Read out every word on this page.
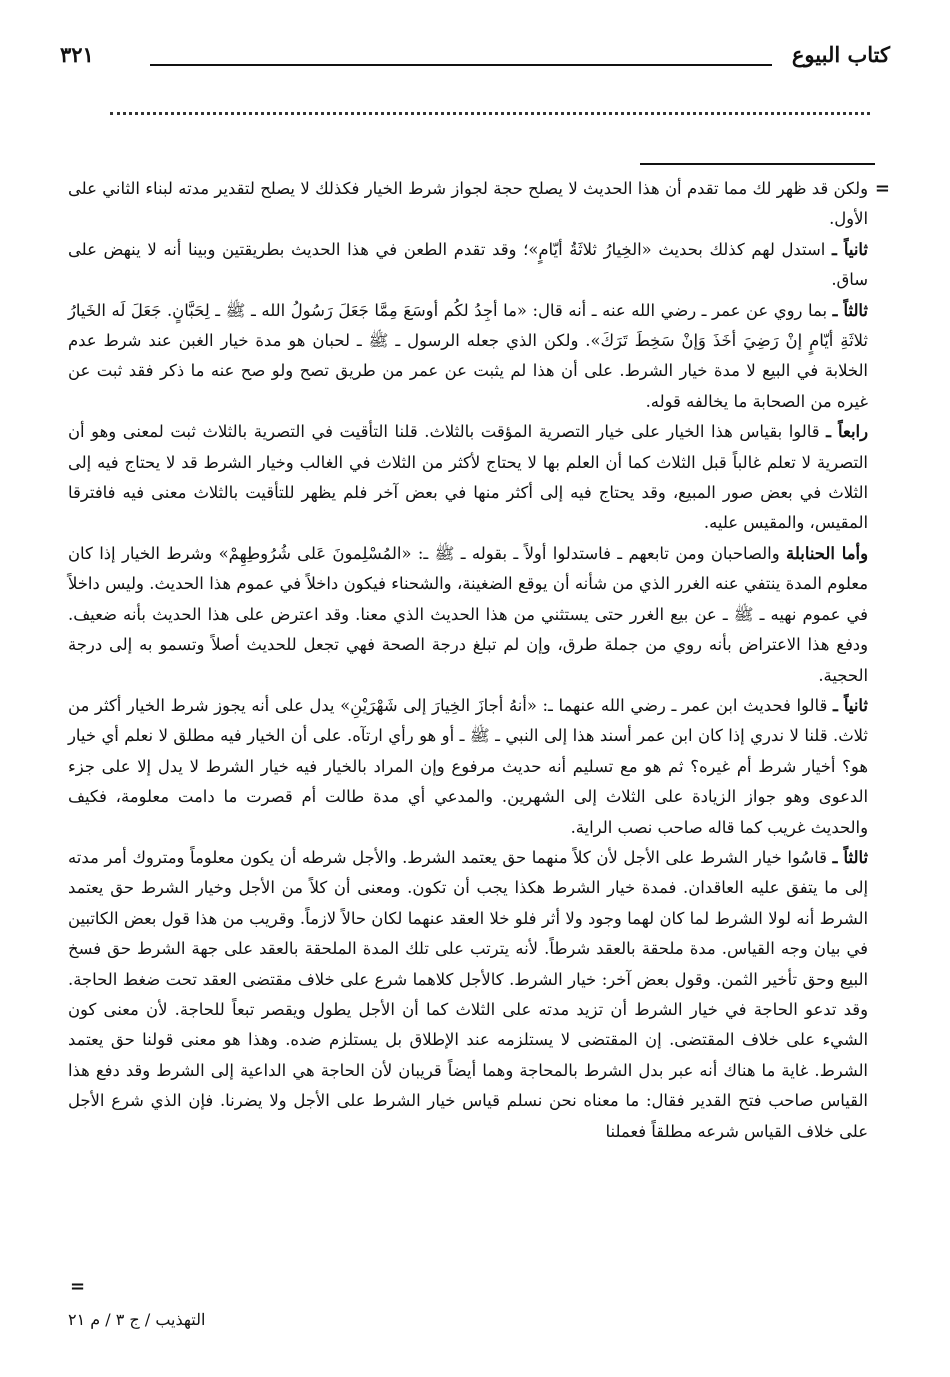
كتاب البيوع
٣٢١
=

ولكن قد ظهر لك مما تقدم أن هذا الحديث لا يصلح حجة لجواز شرط الخيار فكذلك لا يصلح لتقدير مدته لبناء الثاني على الأول.

ثانياً ـ استدل لهم كذلك بحديث «الخِيارُ ثلاثَةُ أيّامٍ»؛ وقد تقدم الطعن في هذا الحديث بطريقتين وبينا أنه لا ينهض على ساق.

ثالثاً ـ بما روي عن عمر ـ رضي الله عنه ـ أنه قال: «ما أجِدُ لكُم أوسَعَ مِمَّا جَعَلَ رَسُولُ الله ـ ﷺ ـ لِحَبَّانٍ. جَعَلَ لَه الخَيارُ ثلاثَةِ أيّامٍ إنْ رَضِيَ أخَذَ وَإنْ سَخِطَ تَرَكَ». ولكن الذي جعله الرسول ـ ﷺ ـ لحبان هو مدة خيار الغبن عند شرط عدم الخلابة في البيع لا مدة خيار الشرط. على أن هذا لم يثبت عن عمر من طريق تصح ولو صح عنه ما ذكر فقد ثبت عن غيره من الصحابة ما يخالفه قوله.

رابعاً ـ قالوا بقياس هذا الخيار على خيار التصرية المؤقت بالثلاث. قلنا التأقيت في التصرية بالثلاث ثبت لمعنى وهو أن التصرية لا تعلم غالباً قبل الثلاث كما أن العلم بها لا يحتاج لأكثر من الثلاث في الغالب وخيار الشرط قد لا يحتاج فيه إلى الثلاث في بعض صور المبيع، وقد يحتاج فيه إلى أكثر منها في بعض آخر فلم يظهر للتأقيت بالثلاث معنى فيه فافترقا المقيس، والمقيس عليه.

وأما الحنابلة والصاحبان ومن تابعهم ـ فاستدلوا أولاً ـ بقوله ـ ﷺ ـ: «المُسْلِمونَ عَلى شُرُوطِهِمْ» وشرط الخيار إذا كان معلوم المدة ينتفي عنه الغرر الذي من شأنه أن يوقع الضغينة، والشحناء فيكون داخلاً في عموم هذا الحديث. وليس داخلاً في عموم نهيه ـ ﷺ ـ عن بيع الغرر حتى يستثني من هذا الحديث الذي معنا. وقد اعترض على هذا الحديث بأنه ضعيف. ودفع هذا الاعتراض بأنه روي من جملة طرق، وإن لم تبلغ درجة الصحة فهي تجعل للحديث أصلاً وتسمو به إلى درجة الحجية.

ثانياً ـ قالوا فحديث ابن عمر ـ رضي الله عنهما ـ: «أنهُ أجازَ الخِيارَ إلى شَهْرَيْنِ» يدل على أنه يجوز شرط الخيار أكثر من ثلاث. قلنا لا ندري إذا كان ابن عمر أسند هذا إلى النبي ـ ﷺ ـ أو هو رأي ارتآه. على أن الخيار فيه مطلق لا نعلم أي خيار هو؟ أخيار شرط أم غيره؟ ثم هو مع تسليم أنه حديث مرفوع وإن المراد بالخيار فيه خيار الشرط لا يدل إلا على جزء الدعوى وهو جواز الزيادة على الثلاث إلى الشهرين. والمدعي أي مدة طالت أم قصرت ما دامت معلومة، فكيف والحديث غريب كما قاله صاحب نصب الراية.

ثالثاً ـ قاسُوا خيار الشرط على الأجل لأن كلاً منهما حق يعتمد الشرط. والأجل شرطه أن يكون معلوماً ومتروك أمر مدته إلى ما يتفق عليه العاقدان. فمدة خيار الشرط هكذا يجب أن تكون. ومعنى أن كلاً من الأجل وخيار الشرط حق يعتمد الشرط أنه لولا الشرط لما كان لهما وجود ولا أثر فلو خلا العقد عنهما لكان حالاً لازماً. وقريب من هذا قول بعض الكاتبين في بيان وجه القياس. مدة ملحقة بالعقد شرطاً. لأنه يترتب على تلك المدة الملحقة بالعقد على جهة الشرط حق فسخ البيع وحق تأخير الثمن. وقول بعض آخر: خيار الشرط. كالأجل كلاهما شرع على خلاف مقتضى العقد تحت ضغط الحاجة. وقد تدعو الحاجة في خيار الشرط أن تزيد مدته على الثلاث كما أن الأجل يطول ويقصر تبعاً للحاجة. لأن معنى كون الشيء على خلاف المقتضى. إن المقتضى لا يستلزمه عند الإطلاق بل يستلزم ضده. وهذا هو معنى قولنا حق يعتمد الشرط. غاية ما هناك أنه عبر بدل الشرط بالمحاجة وهما أيضاً قريبان لأن الحاجة هي الداعية إلى الشرط وقد دفع هذا القياس صاحب فتح القدير فقال: ما معناه نحن نسلم قياس خيار الشرط على الأجل ولا يضرنا. فإن الذي شرع الأجل على خلاف القياس شرعه مطلقاً فعملنا

=
التهذيب / ج ٣ / م ٢١
